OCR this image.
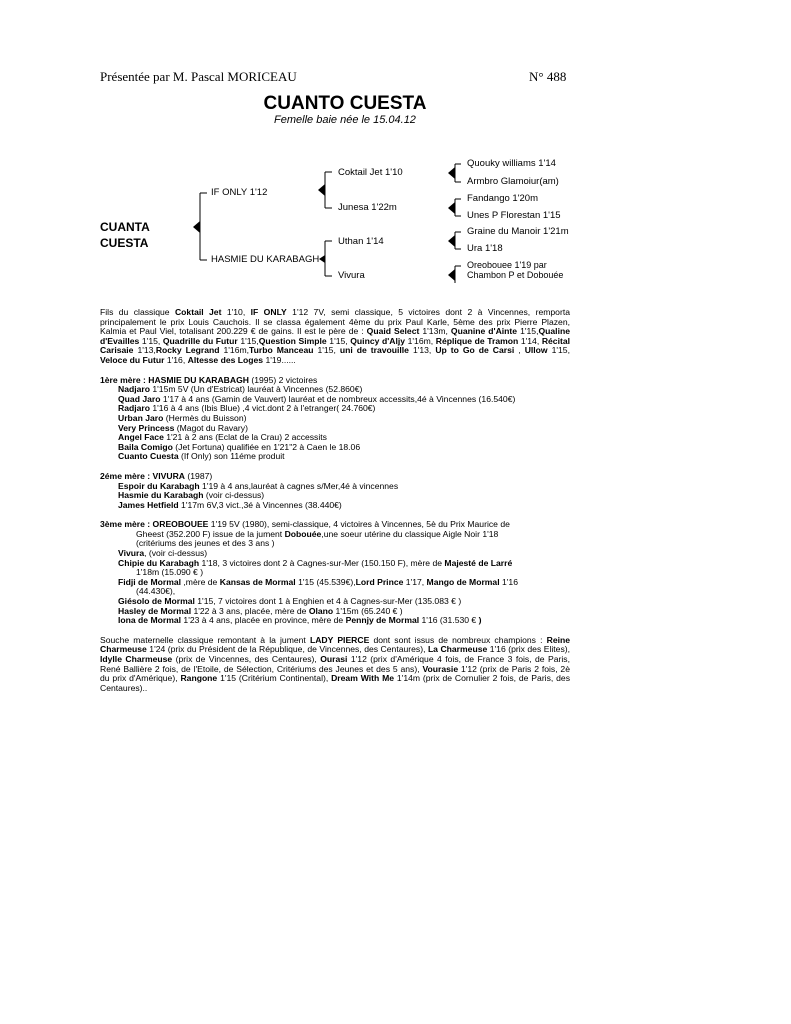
Présentée par M. Pascal MORICEAU	N° 488
CUANTO CUESTA
Femelle baie née le 15.04.12
CUANTA
CUESTA
IF ONLY 1'12
HASMIE DU KARABAGH
Coktail Jet 1'10
Junesa 1'22m
Uthan 1'14
Vivura
Quouky williams 1'14
Armbro Glamoiur(am)
Fandango 1'20m
Unes P Florestan 1'15
Graine du Manoir 1'21m
Ura 1'18
Oreobouee 1'19 par
Chambon P et Dobouée

Fils du classique Coktail Jet 1'10, IF ONLY 1'12 7V, semi classique, 5 victoires dont 2 à Vincennes, remporta principalement le prix Louis Cauchois. Il se classa également 4ème du prix Paul Karle, 5ème des prix Pierre Plazen, Kalmia et Paul Viel, totalisant 200.229 € de gains. Il est le père de : Quaid Select 1'13m, Quanine d'Ainte 1'15,Qualine d'Evailles 1'15, Quadrille du Futur 1'15,Question Simple 1'15, Quincy d'Aljy 1'16m, Réplique de Tramon 1'14, Récital Carisaie 1'13,Rocky Legrand 1'16m,Turbo Manceau 1'15, uni de travouille 1'13, Up to Go de Carsi , Ullow 1'15, Veloce du Futur 1'16, Altesse des Loges 1'19......

1ère mère : HASMIE DU KARABAGH (1995) 2 victoires
Nadjaro 1'15m 5V (Un d'Estricat) lauréat à Vincennes (52.860€)
Quad Jaro 1'17 à 4 ans (Gamin de Vauvert) lauréat et de nombreux accessits,4é à Vincennes (16.540€)
Radjaro 1'16 à 4 ans (Ibis Blue) ,4 vict.dont 2 à l'etranger( 24.760€)
Urban Jaro (Hermès du Buisson)
Very Princess (Magot du Ravary)
Angel Face 1'21 à 2 ans (Eclat de la Crau) 2 accessits
Baila Comigo (Jet Fortuna) qualifiée en 1'21"2 à Caen le 18.06
Cuanto Cuesta (If Only) son 11éme produit
2éme mère : VIVURA (1987)
Espoir du Karabagh 1'19 à 4 ans,lauréat à cagnes s/Mer,4é à vincennes
Hasmie du Karabagh (voir ci-dessus)
James Hetfield 1'17m 6V,3 vict.,3é à Vincennes (38.440€)
3ème mère : OREOBOUEE 1'19 5V (1980), semi-classique, 4 victoires à Vincennes, 5è du Prix Maurice de
Gheest (352.200 F) issue de la jument Dobouée,une soeur utérine du classique Aigle Noir 1'18
(critériums des jeunes et des 3 ans )
Vivura, (voir ci-dessus)
Chipie du Karabagh 1'18, 3 victoires dont 2 à Cagnes-sur-Mer (150.150 F), mère de Majesté de Larré
1'18m (15.090 € )
Fidji de Mormal ,mère de Kansas de Mormal 1'15 (45.539€),Lord Prince 1'17, Mango de Mormal 1'16
(44.430€),
Giésolo de Mormal 1'15, 7 victoires dont 1 à Enghien et 4 à Cagnes-sur-Mer (135.083 € )
Hasley de Mormal 1'22 à 3 ans, placée, mère de Olano 1'15m (65.240 € )
Iona de Mormal 1'23 à 4 ans, placée en province, mère de Pennjy de Mormal 1'16 (31.530 € )

Souche maternelle classique remontant à la jument LADY PIERCE dont sont issus de nombreux champions : Reine Charmeuse 1'24 (prix du Président de la République, de Vincennes, des Centaures), La Charmeuse 1'16 (prix des Elites), Idylle Charmeuse (prix de Vincennes, des Centaures), Ourasi 1'12 (prix d'Amérique 4 fois, de France 3 fois, de Paris, René Ballière 2 fois, de l'Etoile, de Sélection, Critériums des Jeunes et des 5 ans), Vourasie 1'12 (prix de Paris 2 fois, 2è du prix d'Amérique), Rangone 1'15 (Critérium Continental), Dream With Me 1'14m (prix de Cornulier 2 fois, de Paris, des Centaures)..
